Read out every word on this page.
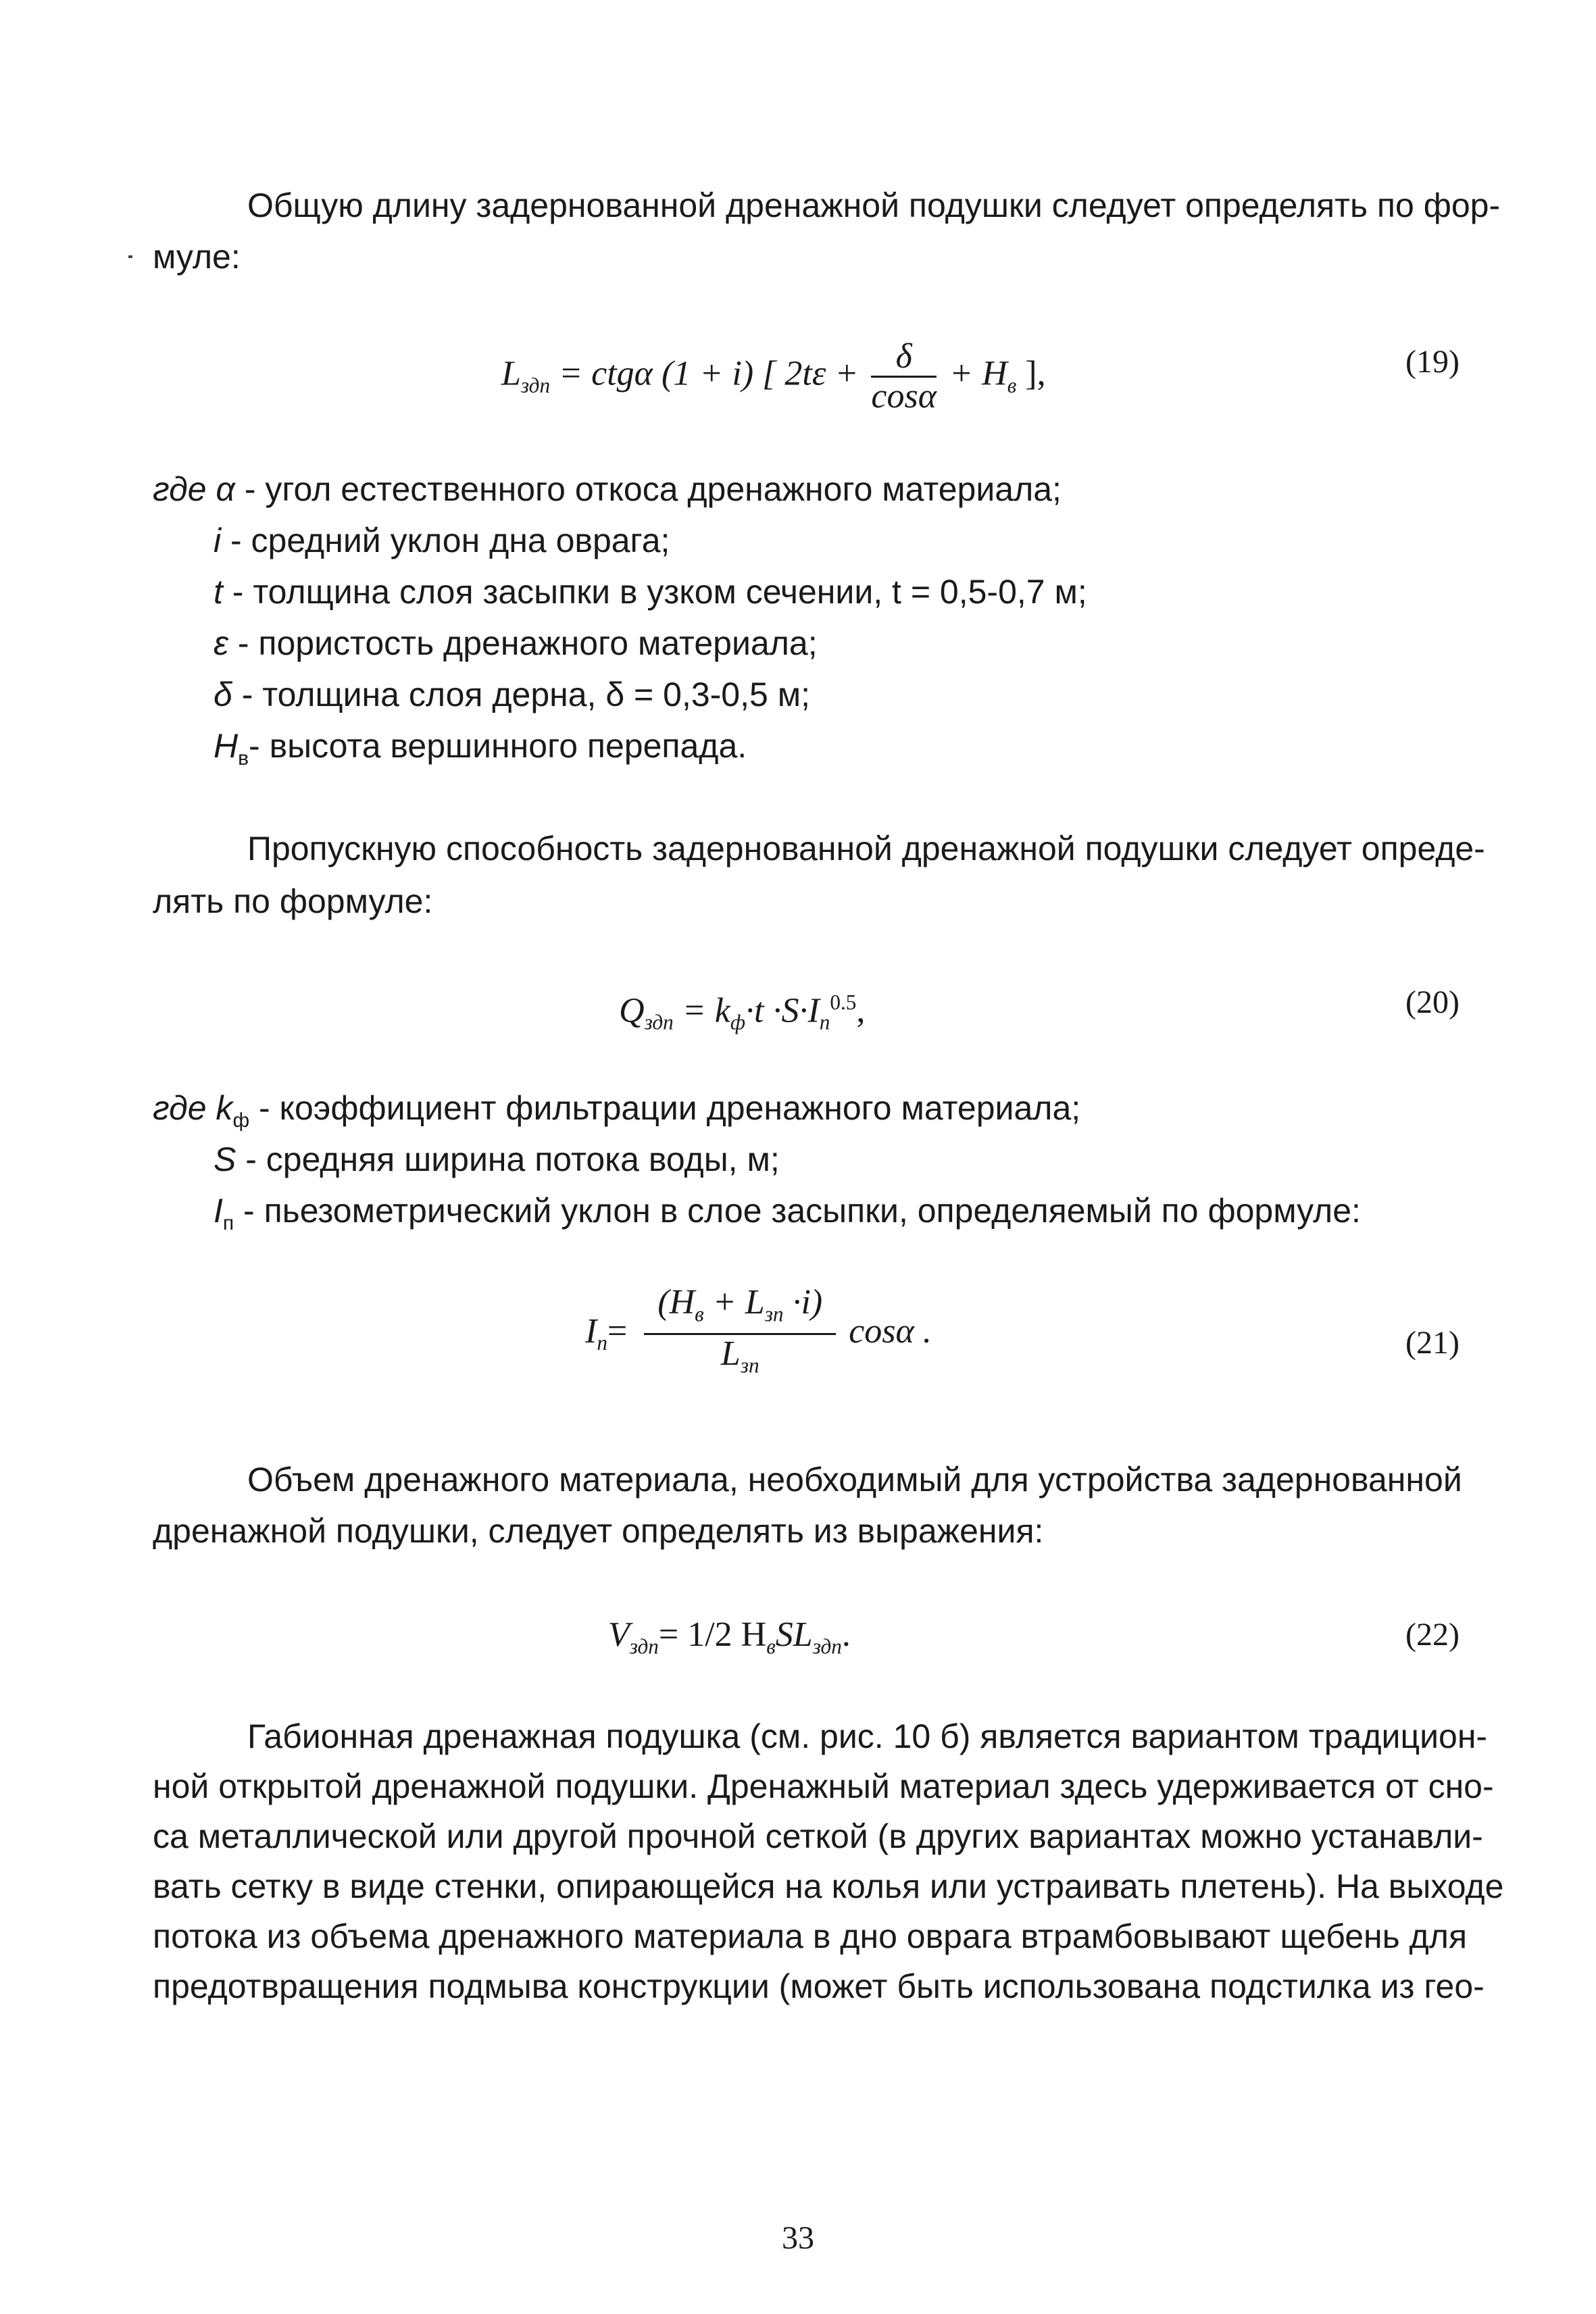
Общую длину задернованной дренажной подушки следует определять по фор-
муле:
$L_{здп} = ctg\alpha$ (1 + i) [ $2t\varepsilon + \frac{\delta}{\cos\alpha} + H_в$ ],	(19)
где α - угол естественного откоса дренажного материала;
i - средний уклон дна оврага;
t - толщина слоя засыпки в узком сечении, t = 0,5-0,7 м;
ε - пористость дренажного материала;
δ - толщина слоя дерна, δ = 0,3-0,5 м;
$H_в-$ высота вершинного перепада.
Пропускную способность задернованной дренажной подушки следует опреде-
лять по формуле:
$Q_{здп} = k_ф\cdot t \cdot S\cdot I_п^{0.5}$,	(20)
где $k_ф$ - коэффициент фильтрации дренажного материала;
S - средняя ширина потока воды, м;
$I_п$ - пьезометрический уклон в слое засыпки, определяемый по формуле:
$I_п= \frac{(H_в + L_{зп} \cdot i)}{L_{зп}}$ cosα .	(21)
Объем дренажного материала, необходимый для устройства задернованной
дренажной подушки, следует определять из выражения:
$V_{здп}= 1/2$ $H_вSL_{здп}$.	(22)
Габионная дренажная подушка (см. рис. 10 б) является вариантом традицион-
ной открытой дренажной подушки. Дренажный материал здесь удерживается от сно-
са металлической или другой прочной сеткой (в других вариантах можно устанавли-
вать сетку в виде стенки, опирающейся на колья или устраивать плетень). На выходе
потока из объема дренажного материала в дно оврага втрамбовывают щебень для
предотвращения подмыва конструкции (может быть использована подстилка из гео-
33
